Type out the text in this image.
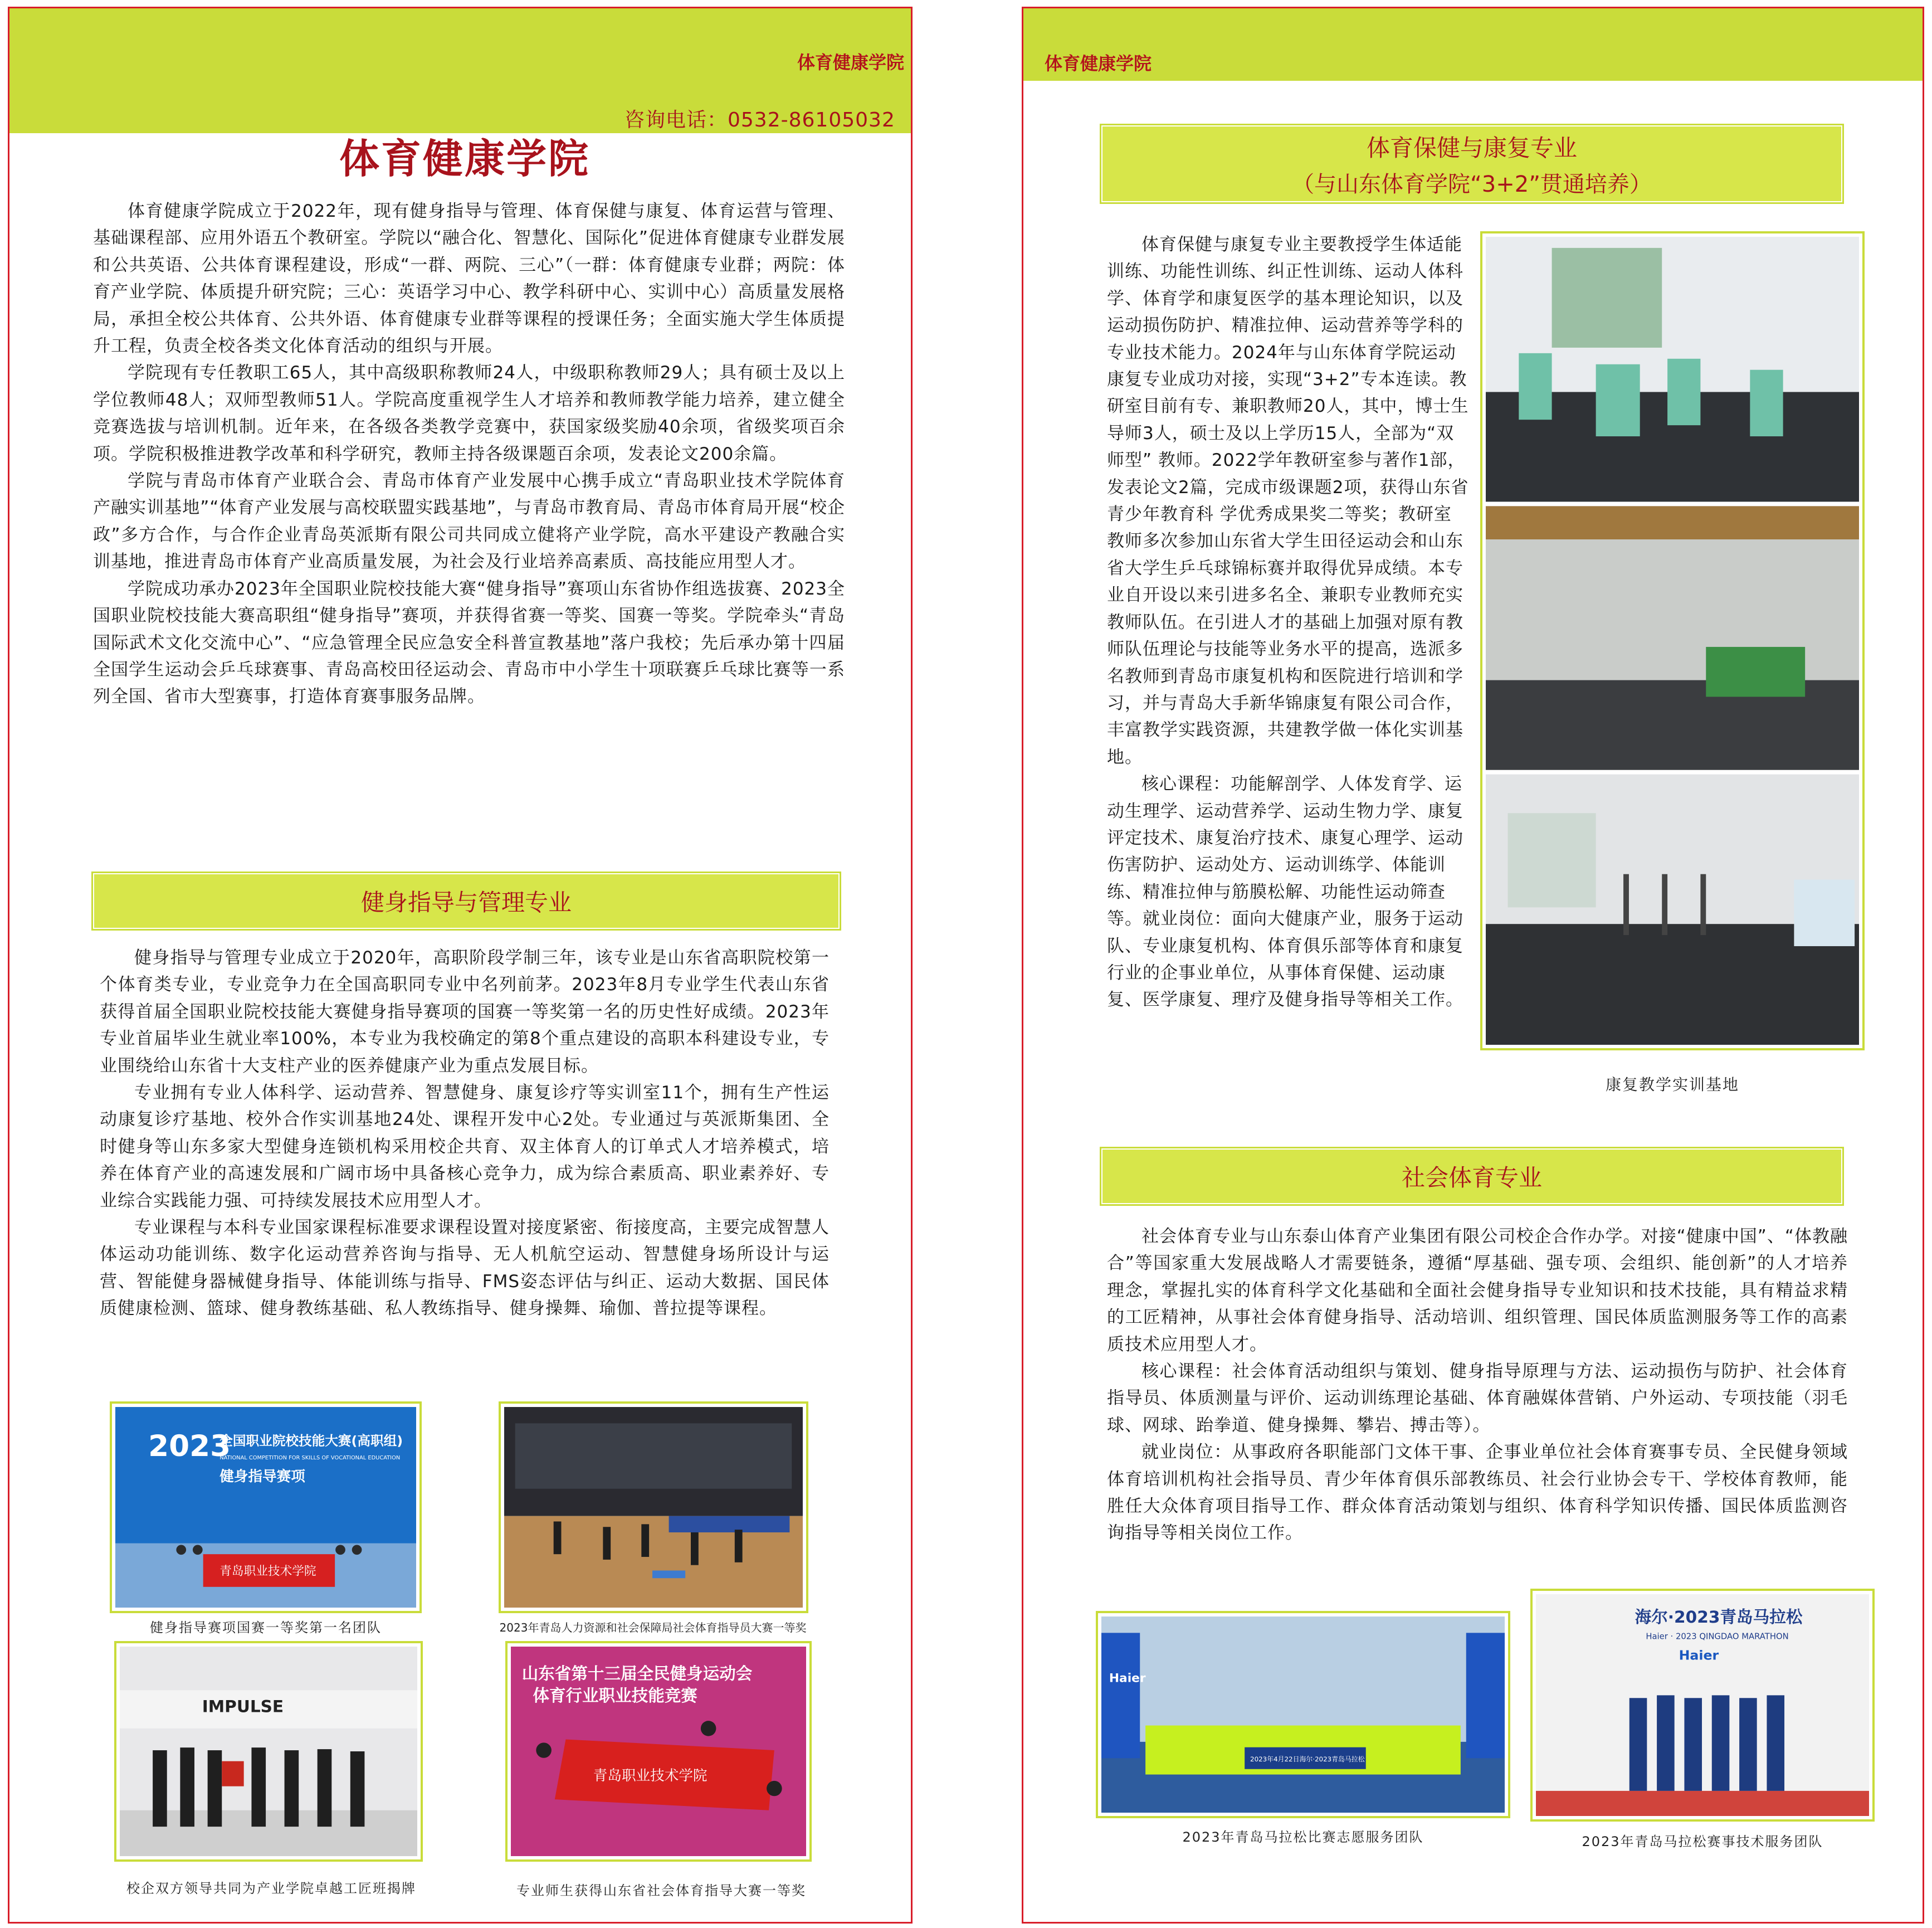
体育健康学院
咨询电话：0532-86105032
体育健康学院

体育健康学院成立于2022年，现有健身指导与管理、体育保健与康复、体育运营与管理、基础课程部、应用外语五个教研室。学院以“融合化、智慧化、国际化”促进体育健康专业群发展和公共英语、公共体育课程建设，形成“一群、两院、三心”（一群：体育健康专业群；两院：体育产业学院、体质提升研究院；三心：英语学习中心、教学科研中心、实训中心）高质量发展格局，承担全校公共体育、公共外语、体育健康专业群等课程的授课任务；全面实施大学生体质提升工程，负责全校各类文化体育活动的组织与开展。

学院现有专任教职工65人，其中高级职称教师24人，中级职称教师29人；具有硕士及以上学位教师48人；双师型教师51人。学院高度重视学生人才培养和教师教学能力培养，建立健全竞赛选拔与培训机制。近年来，在各级各类教学竞赛中，获国家级奖励40余项，省级奖项百余项。学院积极推进教学改革和科学研究，教师主持各级课题百余项，发表论文200余篇。

学院与青岛市体育产业联合会、青岛市体育产业发展中心携手成立“青岛职业技术学院体育产融实训基地”“体育产业发展与高校联盟实践基地”，与青岛市教育局、青岛市体育局开展“校企政”多方合作，与合作企业青岛英派斯有限公司共同成立健将产业学院，高水平建设产教融合实训基地，推进青岛市体育产业高质量发展，为社会及行业培养高素质、高技能应用型人才。

学院成功承办2023年全国职业院校技能大赛“健身指导”赛项山东省协作组选拔赛、2023全国职业院校技能大赛高职组“健身指导”赛项，并获得省赛一等奖、国赛一等奖。学院牵头“青岛国际武术文化交流中心”、“应急管理全民应急安全科普宣教基地”落户我校；先后承办第十四届全国学生运动会乒乓球赛事、青岛高校田径运动会、青岛市中小学生十项联赛乒乓球比赛等一系列全国、省市大型赛事，打造体育赛事服务品牌。

健身指导与管理专业

健身指导与管理专业成立于2020年，高职阶段学制三年，该专业是山东省高职院校第一个体育类专业，专业竞争力在全国高职同专业中名列前茅。2023年8月专业学生代表山东省获得首届全国职业院校技能大赛健身指导赛项的国赛一等奖第一名的历史性好成绩。2023年专业首届毕业生就业率100%，本专业为我校确定的第8个重点建设的高职本科建设专业，专业围绕给山东省十大支柱产业的医养健康产业为重点发展目标。

专业拥有专业人体科学、运动营养、智慧健身、康复诊疗等实训室11个，拥有生产性运动康复诊疗基地、校外合作实训基地24处、课程开发中心2处。专业通过与英派斯集团、全时健身等山东多家大型健身连锁机构采用校企共育、双主体育人的订单式人才培养模式，培养在体育产业的高速发展和广阔市场中具备核心竞争力，成为综合素质高、职业素养好、专业综合实践能力强、可持续发展技术应用型人才。

专业课程与本科专业国家课程标准要求课程设置对接度紧密、衔接度高，主要完成智慧人体运动功能训练、数字化运动营养咨询与指导、无人机航空运动、智慧健身场所设计与运营、智能健身器械健身指导、体能训练与指导、FMS姿态评估与纠正、运动大数据、国民体质健康检测、篮球、健身教练基础、私人教练指导、健身操舞、瑜伽、普拉提等课程。

2023
全国职业院校技能大赛(高职组)
NATIONAL COMPETITION FOR SKILLS OF VOCATIONAL EDUCATION
健身指导赛项
青岛职业技术学院
健身指导赛项国赛一等奖第一名团队	2023年青岛人力资源和社会保障局社会体育指导员大赛一等奖
IMPULSE
校企双方领导共同为产业学院卓越工匠班揭牌
山东省第十三届全民健身运动会
体育行业职业技能竞赛
青岛职业技术学院
专业师生获得山东省社会体育指导大赛一等奖
体育健康学院
体育保健与康复专业
（与山东体育学院“3+2”贯通培养）

体育保健与康复专业主要教授学生体适能训练、功能性训练、纠正性训练、运动人体科学、体育学和康复医学的基本理论知识，以及运动损伤防护、精准拉伸、运动营养等学科的专业技术能力。2024年与山东体育学院运动康复专业成功对接，实现“3+2”专本连读。教研室目前有专、兼职教师20人，其中，博士生导师3人，硕士及以上学历15人，全部为“双师型” 教师。2022学年教研室参与著作1部，发表论文2篇，完成市级课题2项，获得山东省青少年教育科 学优秀成果奖二等奖；教研室教师多次参加山东省大学生田径运动会和山东省大学生乒乓球锦标赛并取得优异成绩。本专业自开设以来引进多名全、兼职专业教师充实教师队伍。在引进人才的基础上加强对原有教师队伍理论与技能等业务水平的提高，选派多名教师到青岛市康复机构和医院进行培训和学习，并与青岛大手新华锦康复有限公司合作，丰富教学实践资源，共建教学做一体化实训基地。

核心课程：功能解剖学、人体发育学、运动生理学、运动营养学、运动生物力学、康复评定技术、康复治疗技术、康复心理学、运动伤害防护、运动处方、运动训练学、体能训练、精准拉伸与筋膜松解、功能性运动筛查等。就业岗位：面向大健康产业，服务于运动队、专业康复机构、体育俱乐部等体育和康复行业的企事业单位，从事体育保健、运动康复、医学康复、理疗及健身指导等相关工作。

康复教学实训基地
社会体育专业

社会体育专业与山东泰山体育产业集团有限公司校企合作办学。对接“健康中国”、“体教融合”等国家重大发展战略人才需要链条，遵循“厚基础、强专项、会组织、能创新”的人才培养理念，掌握扎实的体育科学文化基础和全面社会健身指导专业知识和技术技能，具有精益求精的工匠精神，从事社会体育健身指导、活动培训、组织管理、国民体质监测服务等工作的高素质技术应用型人才。

核心课程：社会体育活动组织与策划、健身指导原理与方法、运动损伤与防护、社会体育指导员、体质测量与评价、运动训练理论基础、体育融媒体营销、户外运动、专项技能（羽毛球、网球、跆拳道、健身操舞、攀岩、搏击等）。

就业岗位：从事政府各职能部门文体干事、企事业单位社会体育赛事专员、全民健身领域体育培训机构社会指导员、青少年体育俱乐部教练员、社会行业协会专干、学校体育教师，能胜任大众体育项目指导工作、群众体育活动策划与组织、体育科学知识传播、国民体质监测咨询指导等相关岗位工作。

Haier
2023年4月22日海尔·2023青岛马拉松
2023年青岛马拉松比赛志愿服务团队
海尔·2023青岛马拉松
Haier · 2023 QINGDAO MARATHON
Haier
2023年青岛马拉松赛事技术服务团队
